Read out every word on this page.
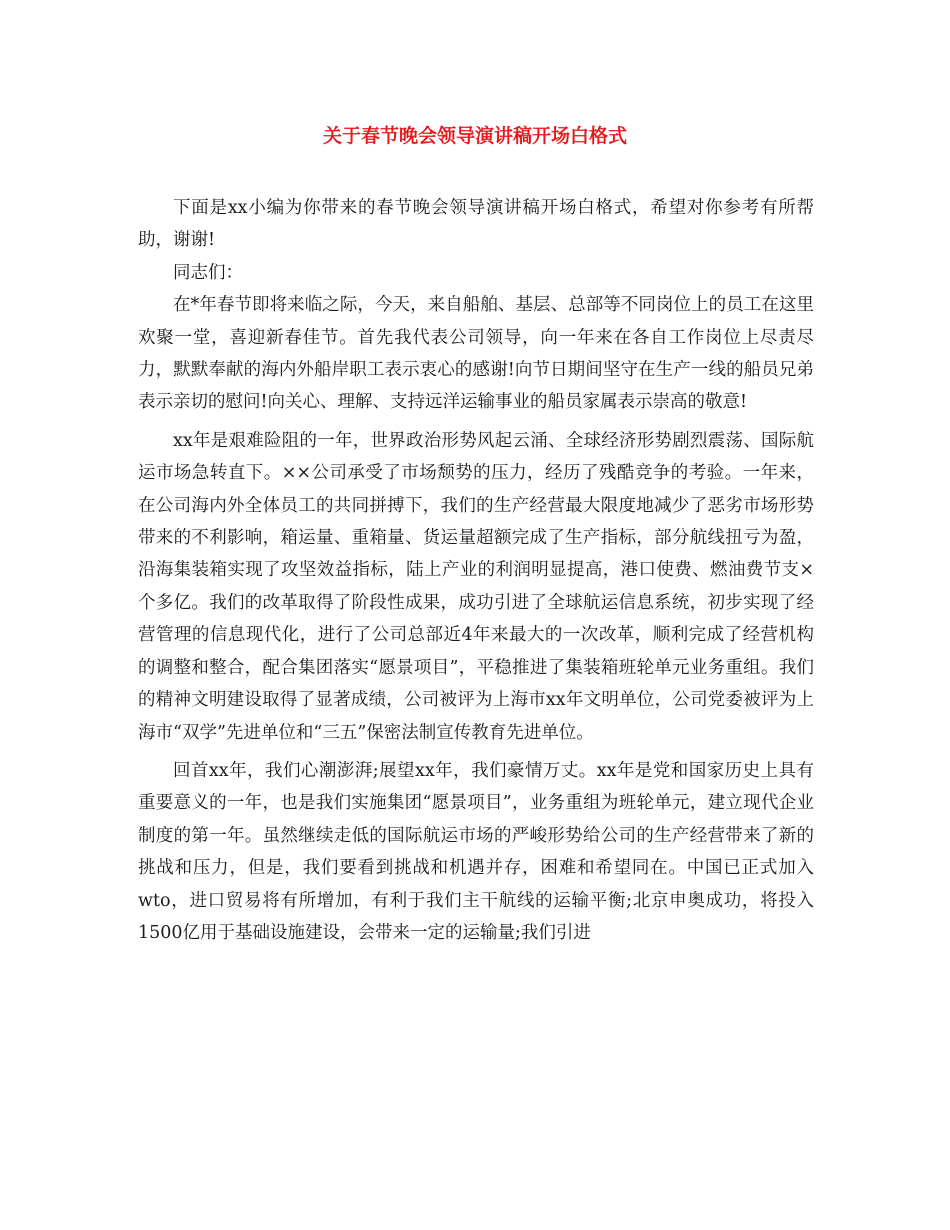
关于春节晚会领导演讲稿开场白格式

下面是xx小编为你带来的春节晚会领导演讲稿开场白格式，希望对你参考有所帮助，谢谢!

同志们：

在*年春节即将来临之际，今天，来自船舶、基层、总部等不同岗位上的员工在这里欢聚一堂，喜迎新春佳节。首先我代表公司领导，向一年来在各自工作岗位上尽责尽力，默默奉献的海内外船岸职工表示衷心的感谢!向节日期间坚守在生产一线的船员兄弟表示亲切的慰问!向关心、理解、支持远洋运输事业的船员家属表示崇高的敬意!

xx年是艰难险阻的一年，世界政治形势风起云涌、全球经济形势剧烈震荡、国际航运市场急转直下。××公司承受了市场颓势的压力，经历了残酷竞争的考验。一年来，在公司海内外全体员工的共同拼搏下，我们的生产经营最大限度地减少了恶劣市场形势带来的不利影响，箱运量、重箱量、货运量超额完成了生产指标，部分航线扭亏为盈，沿海集装箱实现了攻坚效益指标，陆上产业的利润明显提高，港口使费、燃油费节支×个多亿。我们的改革取得了阶段性成果，成功引进了全球航运信息系统，初步实现了经营管理的信息现代化，进行了公司总部近4年来最大的一次改革，顺利完成了经营机构的调整和整合，配合集团落实“愿景项目”，平稳推进了集装箱班轮单元业务重组。我们的精神文明建设取得了显著成绩，公司被评为上海市xx年文明单位，公司党委被评为上海市“双学”先进单位和“三五”保密法制宣传教育先进单位。

回首xx年，我们心潮澎湃;展望xx年，我们豪情万丈。xx年是党和国家历史上具有重要意义的一年，也是我们实施集团“愿景项目”，业务重组为班轮单元，建立现代企业制度的第一年。虽然继续走低的国际航运市场的严峻形势给公司的生产经营带来了新的挑战和压力，但是，我们要看到挑战和机遇并存，困难和希望同在。中国已正式加入wto，进口贸易将有所增加，有利于我们主干航线的运输平衡;北京申奥成功，将投入1500亿用于基础设施建设，会带来一定的运输量;我们引进
